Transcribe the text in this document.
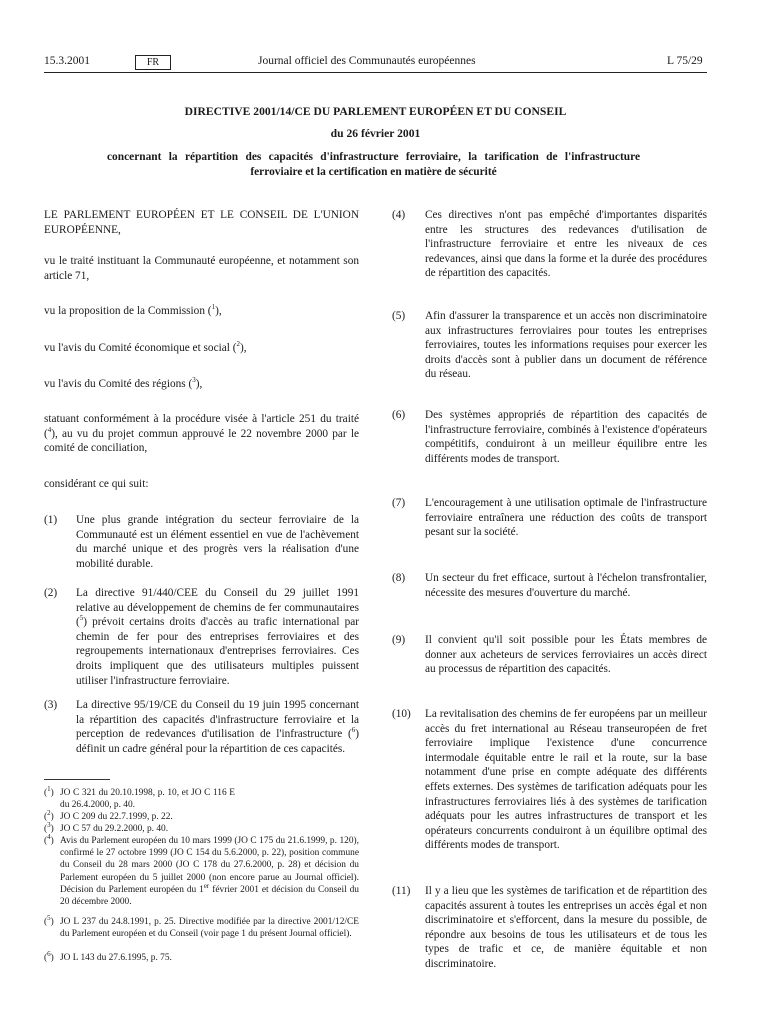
15.3.2001	FR	Journal officiel des Communautés européennes	L 75/29
DIRECTIVE 2001/14/CE DU PARLEMENT EUROPÉEN ET DU CONSEIL
du 26 février 2001
concernant la répartition des capacités d'infrastructure ferroviaire, la tarification de l'infrastructure ferroviaire et la certification en matière de sécurité
LE PARLEMENT EUROPÉEN ET LE CONSEIL DE L'UNION EUROPÉENNE,
vu le traité instituant la Communauté européenne, et notamment son article 71,
vu la proposition de la Commission ($^1$),
vu l'avis du Comité économique et social ($^2$),
vu l'avis du Comité des régions ($^3$),
statuant conformément à la procédure visée à l'article 251 du traité ($^4$), au vu du projet commun approuvé le 22 novembre 2000 par le comité de conciliation,
considérant ce qui suit:
(1) Une plus grande intégration du secteur ferroviaire de la Communauté est un élément essentiel en vue de l'achèvement du marché unique et des progrès vers la réalisation d'une mobilité durable.
(2) La directive 91/440/CEE du Conseil du 29 juillet 1991 relative au développement de chemins de fer communautaires ($^5$) prévoit certains droits d'accès au trafic international par chemin de fer pour des entreprises ferroviaires et des regroupements internationaux d'entreprises ferroviaires. Ces droits impliquent que des utilisateurs multiples puissent utiliser l'infrastructure ferroviaire.
(3) La directive 95/19/CE du Conseil du 19 juin 1995 concernant la répartition des capacités d'infrastructure ferroviaire et la perception de redevances d'utilisation de l'infrastructure ($^6$) définit un cadre général pour la répartition de ces capacités.
($^1$) JO C 321 du 20.10.1998, p. 10, et JO C 116 E du 26.4.2000, p. 40.
($^2$) JO C 209 du 22.7.1999, p. 22.
($^3$) JO C 57 du 29.2.2000, p. 40.
($^4$) Avis du Parlement européen du 10 mars 1999 (JO C 175 du 21.6.1999, p. 120), confirmé le 27 octobre 1999 (JO C 154 du 5.6.2000, p. 22), position commune du Conseil du 28 mars 2000 (JO C 178 du 27.6.2000, p. 28) et décision du Parlement européen du 5 juillet 2000 (non encore parue au Journal officiel). Décision du Parlement européen du 1er février 2001 et décision du Conseil du 20 décembre 2000.
($^5$) JO L 237 du 24.8.1991, p. 25. Directive modifiée par la directive 2001/12/CE du Parlement européen et du Conseil (voir page 1 du présent Journal officiel).
($^6$) JO L 143 du 27.6.1995, p. 75.
(4) Ces directives n'ont pas empêché d'importantes disparités entre les structures des redevances d'utilisation de l'infrastructure ferroviaire et entre les niveaux de ces redevances, ainsi que dans la forme et la durée des procédures de répartition des capacités.
(5) Afin d'assurer la transparence et un accès non discriminatoire aux infrastructures ferroviaires pour toutes les entreprises ferroviaires, toutes les informations requises pour exercer les droits d'accès sont à publier dans un document de référence du réseau.
(6) Des systèmes appropriés de répartition des capacités de l'infrastructure ferroviaire, combinés à l'existence d'opérateurs compétitifs, conduiront à un meilleur équilibre entre les différents modes de transport.
(7) L'encouragement à une utilisation optimale de l'infrastructure ferroviaire entraînera une réduction des coûts de transport pesant sur la société.
(8) Un secteur du fret efficace, surtout à l'échelon transfrontalier, nécessite des mesures d'ouverture du marché.
(9) Il convient qu'il soit possible pour les États membres de donner aux acheteurs de services ferroviaires un accès direct au processus de répartition des capacités.
(10) La revitalisation des chemins de fer européens par un meilleur accès du fret international au Réseau transeuropéen de fret ferroviaire implique l'existence d'une concurrence intermodale équitable entre le rail et la route, sur la base notamment d'une prise en compte adéquate des différents effets externes. Des systèmes de tarification adéquats pour les infrastructures ferroviaires liés à des systèmes de tarification adéquats pour les autres infrastructures de transport et les opérateurs concurrents conduiront à un équilibre optimal des différents modes de transport.
(11) Il y a lieu que les systèmes de tarification et de répartition des capacités assurent à toutes les entreprises un accès égal et non discriminatoire et s'efforcent, dans la mesure du possible, de répondre aux besoins de tous les utilisateurs et de tous les types de trafic et ce, de manière équitable et non discriminatoire.
